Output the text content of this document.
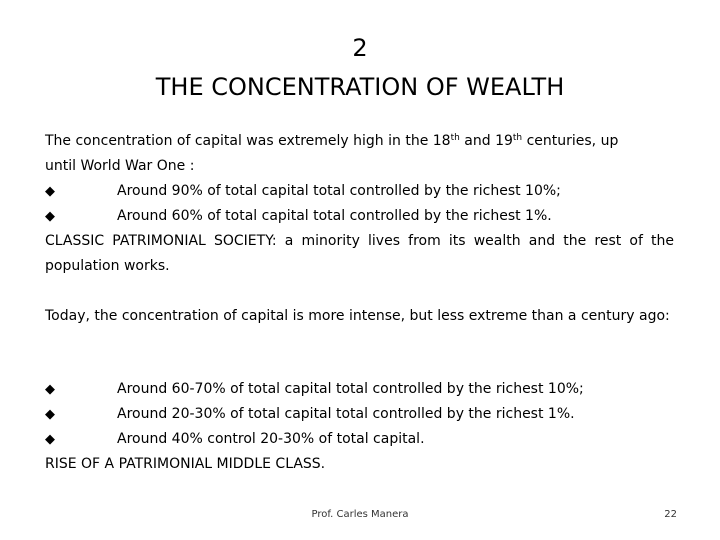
2
THE CONCENTRATION OF WEALTH
The concentration of capital was extremely high in the 18th and 19th centuries, up
until World War One :
◆	Around 90% of total capital total controlled by the richest 10%;
◆	Around 60% of total capital total controlled by the richest 1%.
CLASSIC PATRIMONIAL SOCIETY: a minority lives from its wealth and the rest of the population works.
Today, the concentration of capital is more intense, but less extreme than a century ago:
◆	Around 60-70% of total capital total controlled by the richest 10%;
◆	Around 20-30% of total capital total controlled by the richest 1%.
◆	Around 40% control 20-30% of total capital.
RISE OF A PATRIMONIAL MIDDLE CLASS.
Prof. Carles Manera	22
